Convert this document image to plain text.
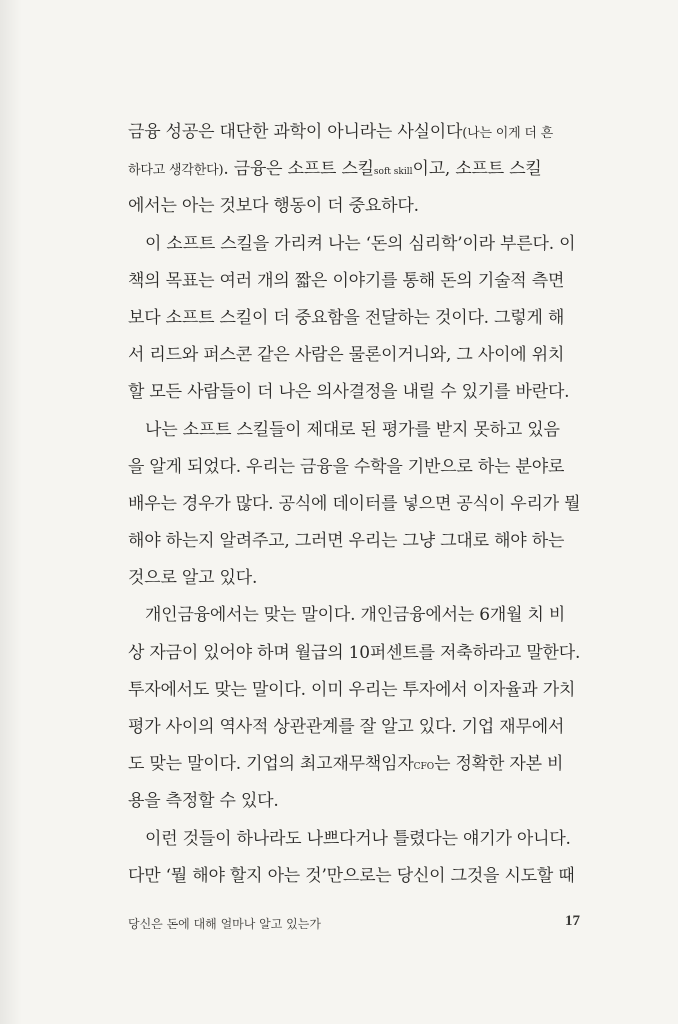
금융 성공은 대단한 과학이 아니라는 사실이다(나는 이게 더 흔
하다고 생각한다). 금융은 소프트 스킬soft skill이고, 소프트 스킬
에서는 아는 것보다 행동이 더 중요하다.
이 소프트 스킬을 가리켜 나는 ‘돈의 심리학’이라 부른다. 이
책의 목표는 여러 개의 짧은 이야기를 통해 돈의 기술적 측면
보다 소프트 스킬이 더 중요함을 전달하는 것이다. 그렇게 해
서 리드와 퍼스콘 같은 사람은 물론이거니와, 그 사이에 위치
할 모든 사람들이 더 나은 의사결정을 내릴 수 있기를 바란다.
나는 소프트 스킬들이 제대로 된 평가를 받지 못하고 있음
을 알게 되었다. 우리는 금융을 수학을 기반으로 하는 분야로
배우는 경우가 많다. 공식에 데이터를 넣으면 공식이 우리가 뭘
해야 하는지 알려주고, 그러면 우리는 그냥 그대로 해야 하는
것으로 알고 있다.
개인금융에서는 맞는 말이다. 개인금융에서는 6개월 치 비
상 자금이 있어야 하며 월급의 10퍼센트를 저축하라고 말한다.
투자에서도 맞는 말이다. 이미 우리는 투자에서 이자율과 가치
평가 사이의 역사적 상관관계를 잘 알고 있다. 기업 재무에서
도 맞는 말이다. 기업의 최고재무책임자CFO는 정확한 자본 비
용을 측정할 수 있다.
이런 것들이 하나라도 나쁘다거나 틀렸다는 얘기가 아니다.
다만 ‘뭘 해야 할지 아는 것’만으로는 당신이 그것을 시도할 때
당신은 돈에 대해 얼마나 알고 있는가	17
